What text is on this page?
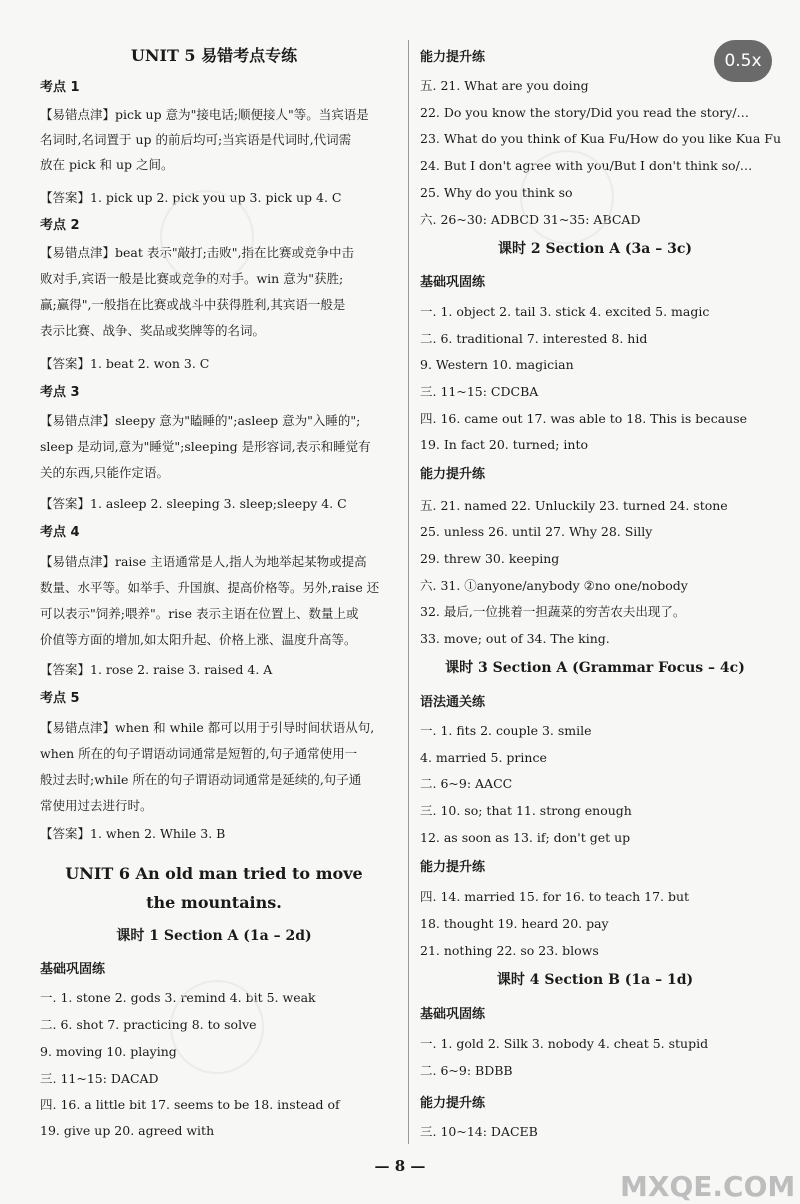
UNIT 5 易错考点专练
考点 1
【易错点津】pick up 意为"接电话;顺便接人"等。当宾语是
名词时,名词置于 up 的前后均可;当宾语是代词时,代词需
放在 pick 和 up 之间。
【答案】1. pick up 2. pick you up 3. pick up 4. C
考点 2
【易错点津】beat 表示"敲打;击败",指在比赛或竞争中击
败对手,宾语一般是比赛或竞争的对手。win 意为"获胜;
赢;赢得",一般指在比赛或战斗中获得胜利,其宾语一般是
表示比赛、战争、奖品或奖牌等的名词。
【答案】1. beat 2. won 3. C
考点 3
【易错点津】sleepy 意为"瞌睡的";asleep 意为"入睡的";
sleep 是动词,意为"睡觉";sleeping 是形容词,表示和睡觉有
关的东西,只能作定语。
【答案】1. asleep 2. sleeping 3. sleep;sleepy 4. C
考点 4
【易错点津】raise 主语通常是人,指人为地举起某物或提高
数量、水平等。如举手、升国旗、提高价格等。另外,raise 还
可以表示"饲养;喂养"。rise 表示主语在位置上、数量上或
价值等方面的增加,如太阳升起、价格上涨、温度升高等。
【答案】1. rose 2. raise 3. raised 4. A
考点 5
【易错点津】when 和 while 都可以用于引导时间状语从句,
when 所在的句子谓语动词通常是短暂的,句子通常使用一
般过去时;while 所在的句子谓语动词通常是延续的,句子通
常使用过去进行时。
【答案】1. when 2. While 3. B
UNIT 6 An old man tried to move
the mountains.
课时 1 Section A (1a – 2d)
基础巩固练
一. 1. stone 2. gods 3. remind 4. bit 5. weak
二. 6. shot 7. practicing 8. to solve
9. moving 10. playing
三. 11~15: DACAD
四. 16. a little bit 17. seems to be 18. instead of
19. give up 20. agreed with
能力提升练
五. 21. What are you doing
22. Do you know the story/Did you read the story/…
23. What do you think of Kua Fu/How do you like Kua Fu
24. But I don't agree with you/But I don't think so/…
25. Why do you think so
六. 26~30: ADBCD 31~35: ABCAD
课时 2 Section A (3a – 3c)
基础巩固练
一. 1. object 2. tail 3. stick 4. excited 5. magic
二. 6. traditional 7. interested 8. hid
9. Western 10. magician
三. 11~15: CDCBA
四. 16. came out 17. was able to 18. This is because
19. In fact 20. turned; into
能力提升练
五. 21. named 22. Unluckily 23. turned 24. stone
25. unless 26. until 27. Why 28. Silly
29. threw 30. keeping
六. 31. ①anyone/anybody ②no one/nobody
32. 最后,一位挑着一担蔬菜的穷苦农夫出现了。
33. move; out of 34. The king.
课时 3 Section A (Grammar Focus – 4c)
语法通关练
一. 1. fits 2. couple 3. smile
4. married 5. prince
二. 6~9: AACC
三. 10. so; that 11. strong enough
12. as soon as 13. if; don't get up
能力提升练
四. 14. married 15. for 16. to teach 17. but
18. thought 19. heard 20. pay
21. nothing 22. so 23. blows
课时 4 Section B (1a – 1d)
基础巩固练
一. 1. gold 2. Silk 3. nobody 4. cheat 5. stupid
二. 6~9: BDBB
能力提升练
三. 10~14: DACEB
0.5x
MXQE.COM
— 8 —
